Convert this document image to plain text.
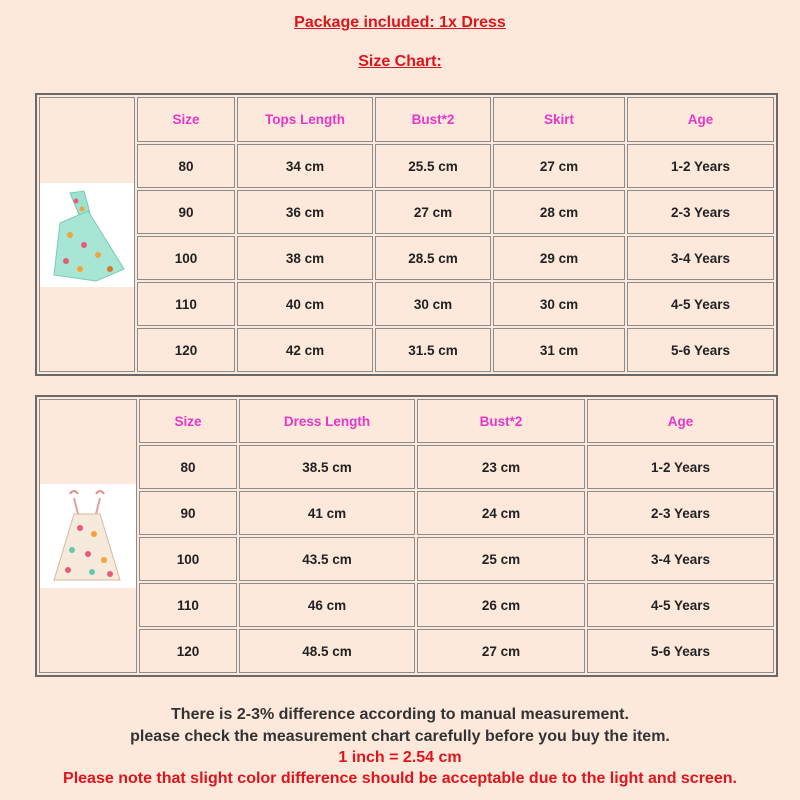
Package included: 1x Dress
Size Chart:
	Size	Tops Length	Bust*2	Skirt	Age
	80	34 cm	25.5 cm	27 cm	1-2 Years
	90	36 cm	27 cm	28 cm	2-3 Years
	100	38 cm	28.5 cm	29 cm	3-4 Years
	110	40 cm	30 cm	30 cm	4-5 Years
	120	42 cm	31.5 cm	31 cm	5-6 Years
	Size	Dress Length	Bust*2	Age
	80	38.5 cm	23 cm	1-2 Years
	90	41 cm	24 cm	2-3 Years
	100	43.5 cm	25 cm	3-4 Years
	110	46 cm	26 cm	4-5 Years
	120	48.5 cm	27 cm	5-6 Years
There is 2-3% difference according to manual measurement.
please check the measurement chart carefully before you buy the item.
1 inch = 2.54 cm
Please note that slight color difference should be acceptable due to the light and screen.
